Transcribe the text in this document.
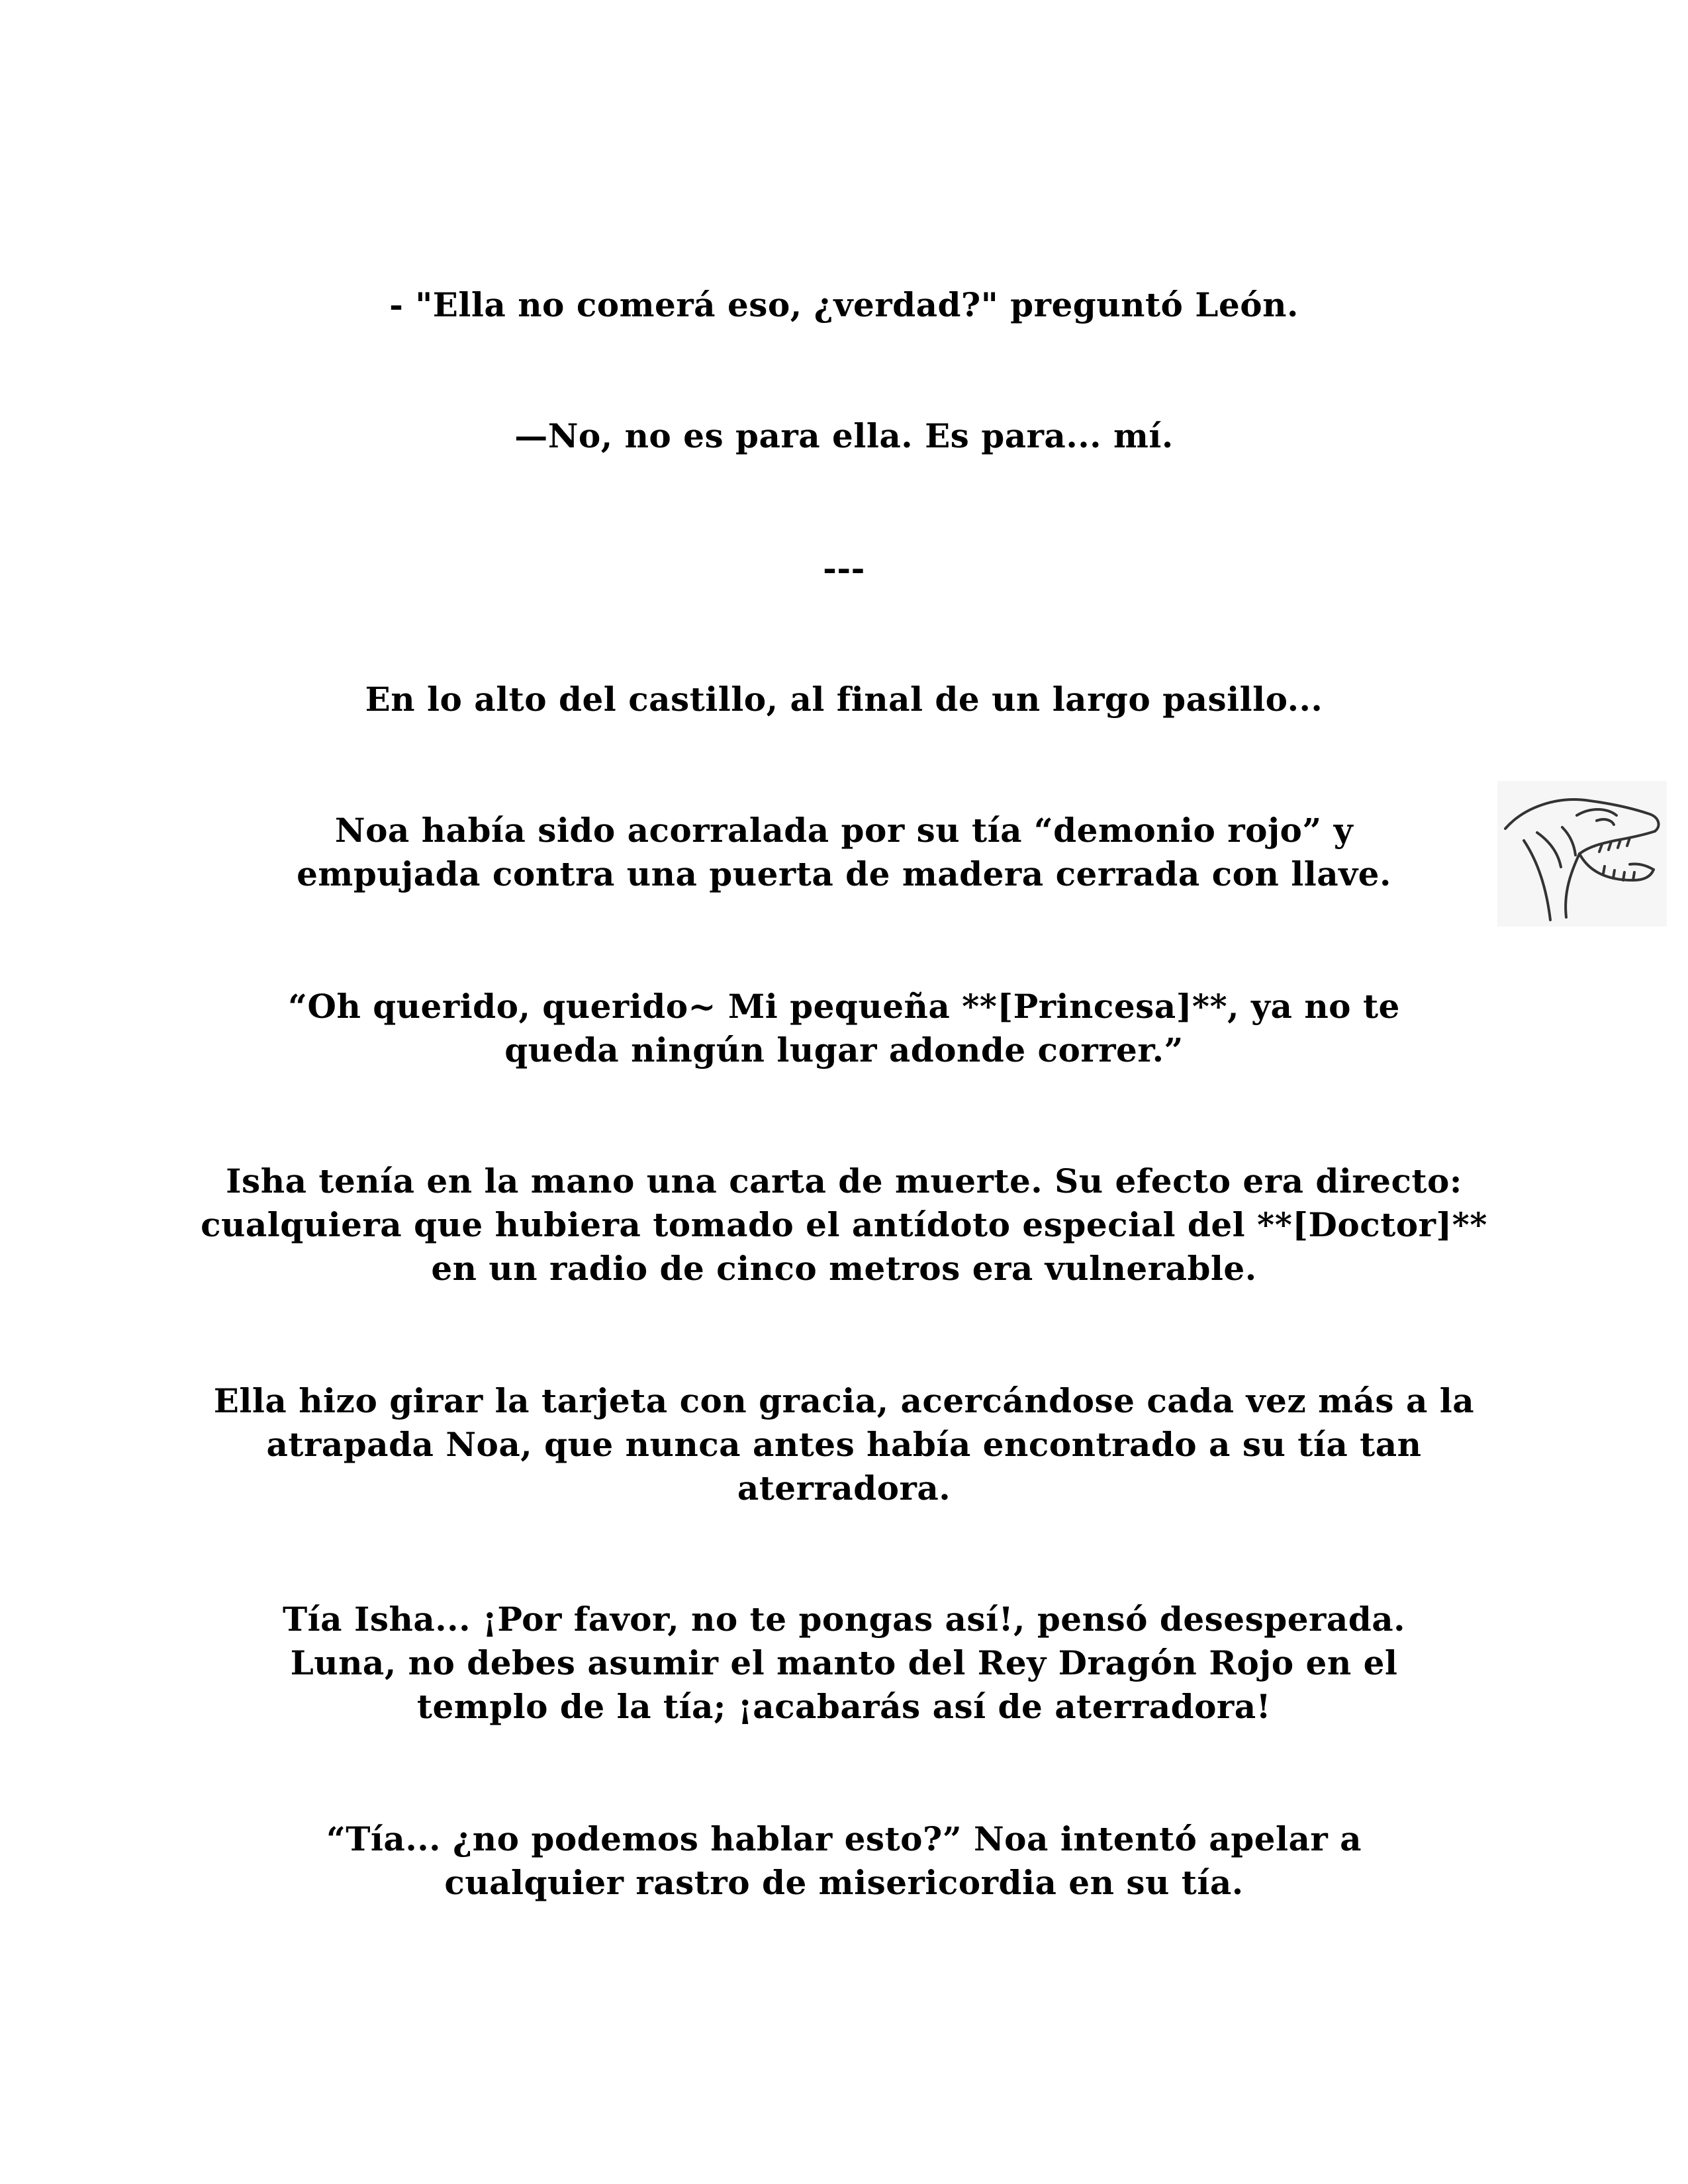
- "Ella no comerá eso, ¿verdad?" preguntó León.

—No, no es para ella. Es para... mí.

---

En lo alto del castillo, al final de un largo pasillo...

Noa había sido acorralada por su tía “demonio rojo” y empujada contra una puerta de madera cerrada con llave.

“Oh querido, querido~ Mi pequeña **[Princesa]**, ya no te queda ningún lugar adonde correr.”

Isha tenía en la mano una carta de muerte. Su efecto era directo: cualquiera que hubiera tomado el antídoto especial del **[Doctor]** en un radio de cinco metros era vulnerable.

Ella hizo girar la tarjeta con gracia, acercándose cada vez más a la atrapada Noa, que nunca antes había encontrado a su tía tan aterradora.

Tía Isha... ¡Por favor, no te pongas así!, pensó desesperada. Luna, no debes asumir el manto del Rey Dragón Rojo en el templo de la tía; ¡acabarás así de aterradora!

“Tía... ¿no podemos hablar esto?” Noa intentó apelar a cualquier rastro de misericordia en su tía.
